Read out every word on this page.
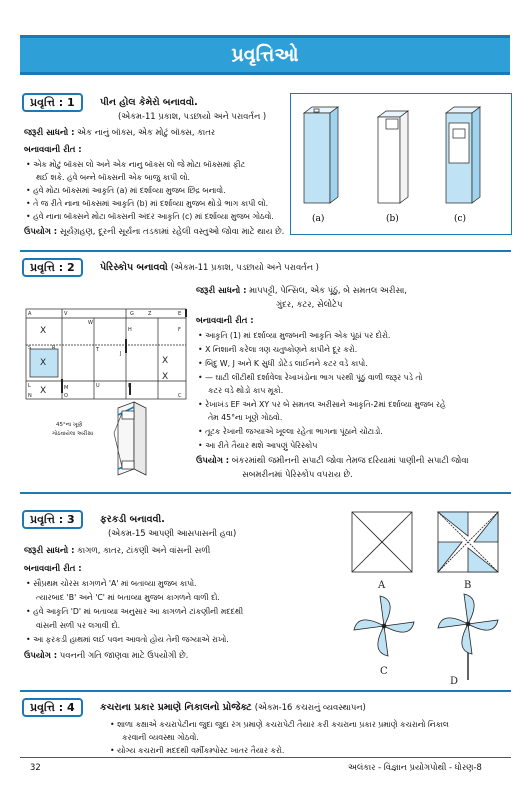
પ્રવૃત્તિઓ
પ્રવૃત્તિ : 1	પીન હોલ કેમેરો બનાવવો.
(એકમ-11 પ્રકાશ, પડછાયો અને પરાવર્તન )
જરૂરી સાધનો : એક નાનું બૉક્સ, એક મોટું બૉક્સ, કાતર
બનાવવાની રીત :
• એક મોટું બૉક્સ લો અને એક નાનુ બૉક્સ લો જે મોટા બૉક્સમાં ફીટ
થઈ શકે. હવે બન્ને બૉક્સની એક બાજુ કાપી લો.
• હવે મોટા બૉક્સમાં આકૃતિ (a) માં દર્શાવ્યા મુજબ છિદ્ર બનાવો.
• તે જ રીતે નાના બૉક્સમાં આકૃતિ (b) માં દર્શાવ્યા મુજબ થોડો ભાગ કાપી લો.
• હવે નાના બૉક્સને મોટા બૉક્સની અંદર આકૃતિ (c) માં દર્શાવ્યા મુજબ ગોઠવો.
ઉપયોગ : સૂર્યગ્રહણ, દૂરની સૂર્યના તડકામાં રહેલી વસ્તુઓ જોવા માટે થાય છે.
(a)	(b)	(c)
પ્રવૃત્તિ : 2	પેરિસ્કોપ બનાવવો (એકમ-11 પ્રકાશ, પડછાયો અને પરાવર્તન )
જરૂરી સાધનો : માપપટ્ટી, પેન્સિલ, એક પૂંઠું, બે સમતલ અરીસા,
ગુંદર, કટર, સેલોટેપ
બનાવવાની રીત :
• આકૃતિ (1) માં દર્શાવ્યા મુજબની આકૃતિ એક પૂંઠાં પર દોરો.
• X નિશાની કરેલા ત્રણ ચતુષ્કોણને કાપીને દૂર કરો.
• બિંદુ W, J અને K સુધી ડોટેડ લાઈનને કટર વડે કાપો.
• — ઘાટી લીટીથી દર્શાવેલા રેખાખંડોના ભાગ પરથી પૂંઠું વાળી જરૂર પડે તો
કટર વડે થોડો કાપ મૂકો.
• રેખાખંડ EF અને XY પર બે સમતલ અરીસાને આકૃતિ-2માં દર્શાવ્યા મુજબ રહે
તેમ 45°ના ખૂણે ગોઠવો.
• તૂટક રેખાની જગ્યાએ ખૂલ્લા રહેતા ભાગના પૂંઠાને ચોંટાડો.
• આ રીતે તૈયાર થશે આપણું પેરિસ્કોપ
ઉપયોગ : બંકરમાંથી જમીનની સપાટી જોવા તેમજ દરિયામાં પાણીની સપાટી જોવા
સબમરીનમાં પેરિસ્કોપ વપરાય છે.
X
X	X
X
X
A	V
W
G	Z	E
F
H
T
J
U	K
L
N
M
O	C
S	R
45°ના ખૂણે
ગોઠવાયેલા અરીસા
પ્રવૃત્તિ : 3	ફરકડી બનાવવી.
(એકમ-15 આપણી આસપાસની હવા)
જરૂરી સાધનો : કાગળ, કાતર, ટાંકણી અને વાંસની સળી
બનાવવાની રીત :
• સૌપ્રથમ ચોરસ કાગળને 'A' માં બતાવ્યા મુજબ કાપો.
ત્યારબાદ 'B' અને 'C' માં બતાવ્યા મુજબ કાગળને વાળી દો.
• હવે આકૃતિ 'D' માં બતાવ્યા અનુસાર આ કાગળને ટાંકણીની મદદથી
વાંસની સળી પર લગાવી દો.
• આ ફરકડી હાથમાં લઈ પવન આવતો હોય તેની જગ્યાએ રાખો.
ઉપયોગ : પવનની ગતિ જાણવા માટે ઉપયોગી છે.
A	B
C
D
પ્રવૃત્તિ : 4	કચરાના પ્રકાર પ્રમાણે નિકાલનો પ્રોજેક્ટ (એકમ-16 કચરાનું વ્યવસ્થાપન)
• શાળા કક્ષાએ કચરાપેટીના જુદા જુદા રંગ પ્રમાણે કચરાપેટી તૈયાર કરી કચરાના પ્રકાર પ્રમાણે કચરાનો નિકાલ
કરવાની વ્યવસ્થા ગોઠવો.
• યોગ્ય કચરાની મદદથી વર્મીકમ્પોસ્ટ ખાતર તૈયાર કરો.
32	અલંકાર - વિજ્ઞાન પ્રયોગપોથી - ધોરણ-8
